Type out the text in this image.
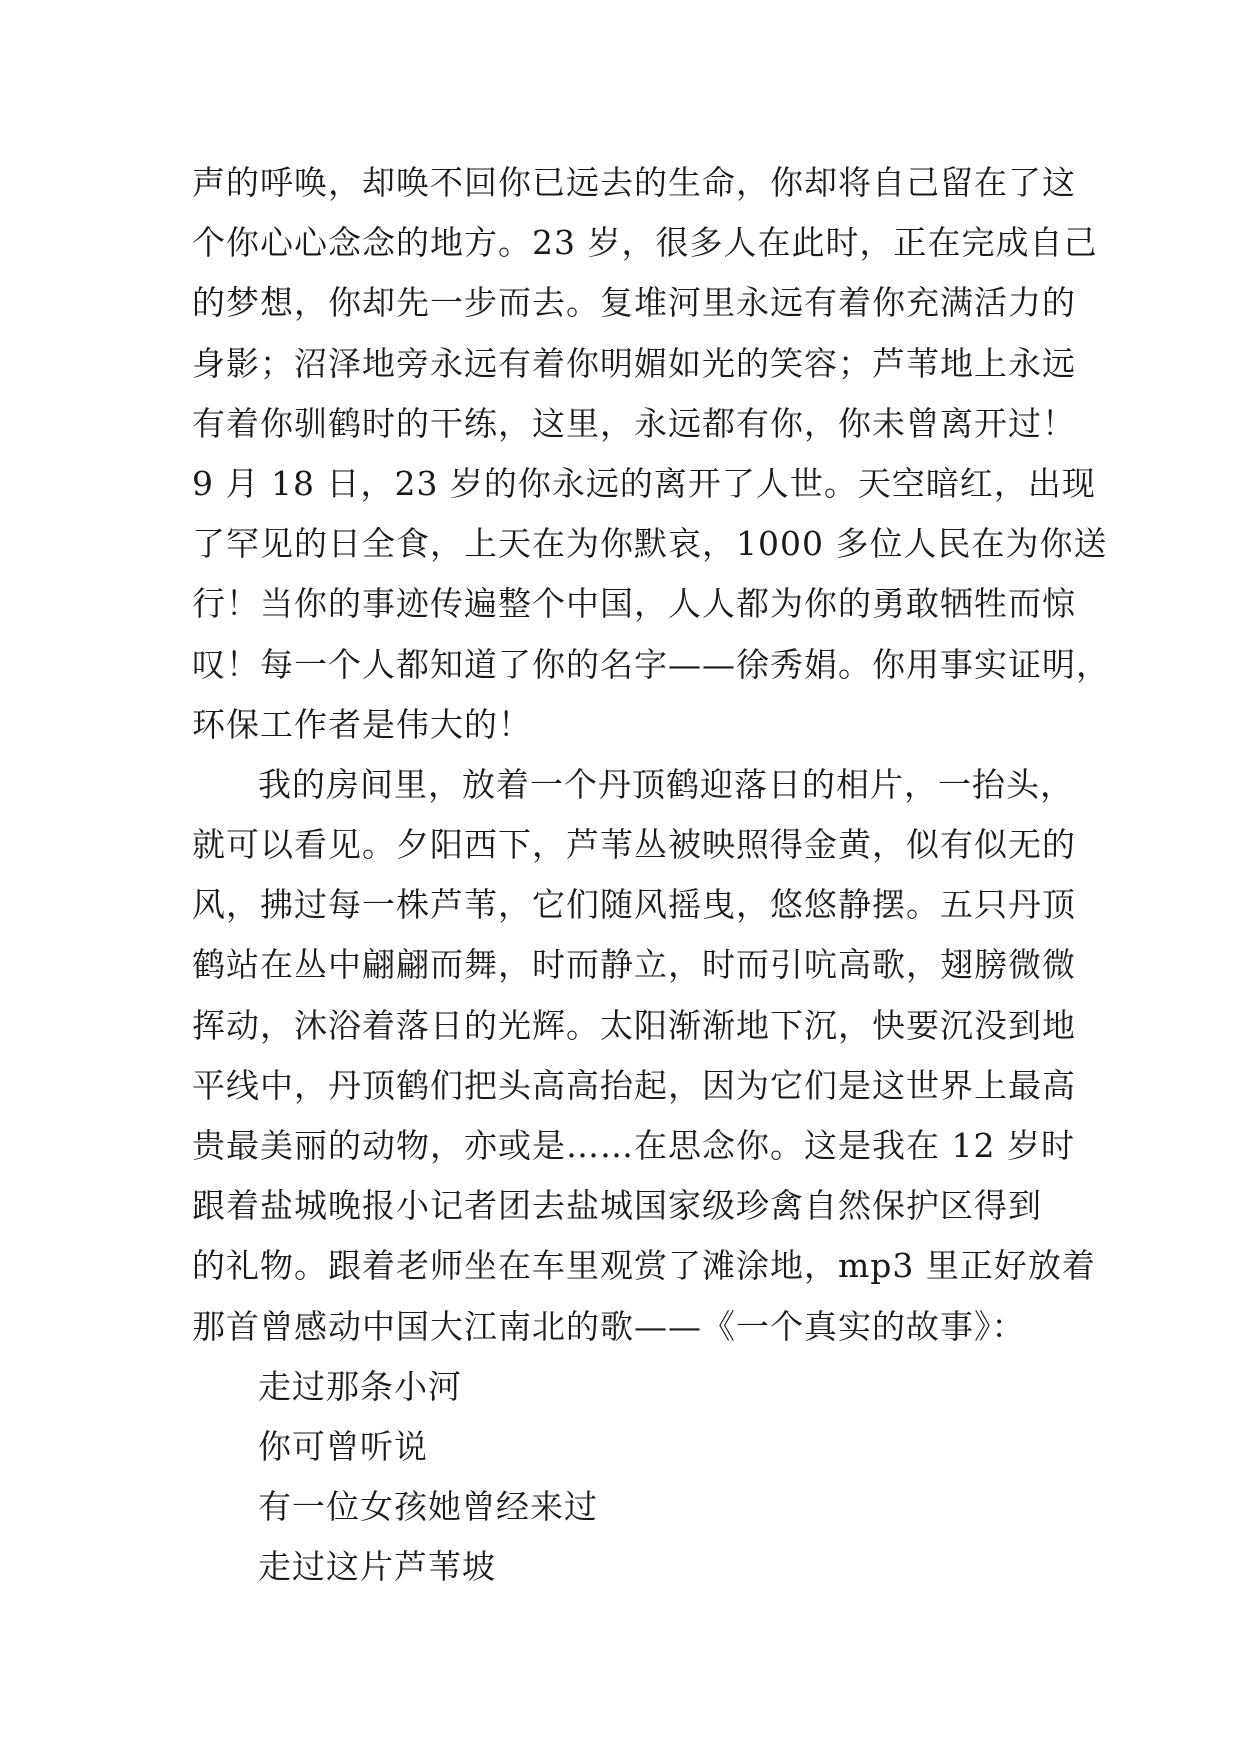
声的呼唤，却唤不回你已远去的生命，你却将自己留在了这
个你心心念念的地方。23 岁，很多人在此时，正在完成自己
的梦想，你却先一步而去。复堆河里永远有着你充满活力的
身影；沼泽地旁永远有着你明媚如光的笑容；芦苇地上永远
有着你驯鹤时的干练，这里，永远都有你，你未曾离开过！
9 月 18 日，23 岁的你永远的离开了人世。天空暗红，出现
了罕见的日全食，上天在为你默哀，1000 多位人民在为你送
行！当你的事迹传遍整个中国，人人都为你的勇敢牺牲而惊
叹！每一个人都知道了你的名字——徐秀娟。你用事实证明，
环保工作者是伟大的！
我的房间里，放着一个丹顶鹤迎落日的相片，一抬头，
就可以看见。夕阳西下，芦苇丛被映照得金黄，似有似无的
风，拂过每一株芦苇，它们随风摇曳，悠悠静摆。五只丹顶
鹤站在丛中翩翩而舞，时而静立，时而引吭高歌，翅膀微微
挥动，沐浴着落日的光辉。太阳渐渐地下沉，快要沉没到地
平线中，丹顶鹤们把头高高抬起，因为它们是这世界上最高
贵最美丽的动物，亦或是……在思念你。这是我在 12 岁时
跟着盐城晚报小记者团去盐城国家级珍禽自然保护区得到
的礼物。跟着老师坐在车里观赏了滩涂地，mp3 里正好放着
那首曾感动中国大江南北的歌——《一个真实的故事》：
走过那条小河
你可曾听说
有一位女孩她曾经来过
走过这片芦苇坡
